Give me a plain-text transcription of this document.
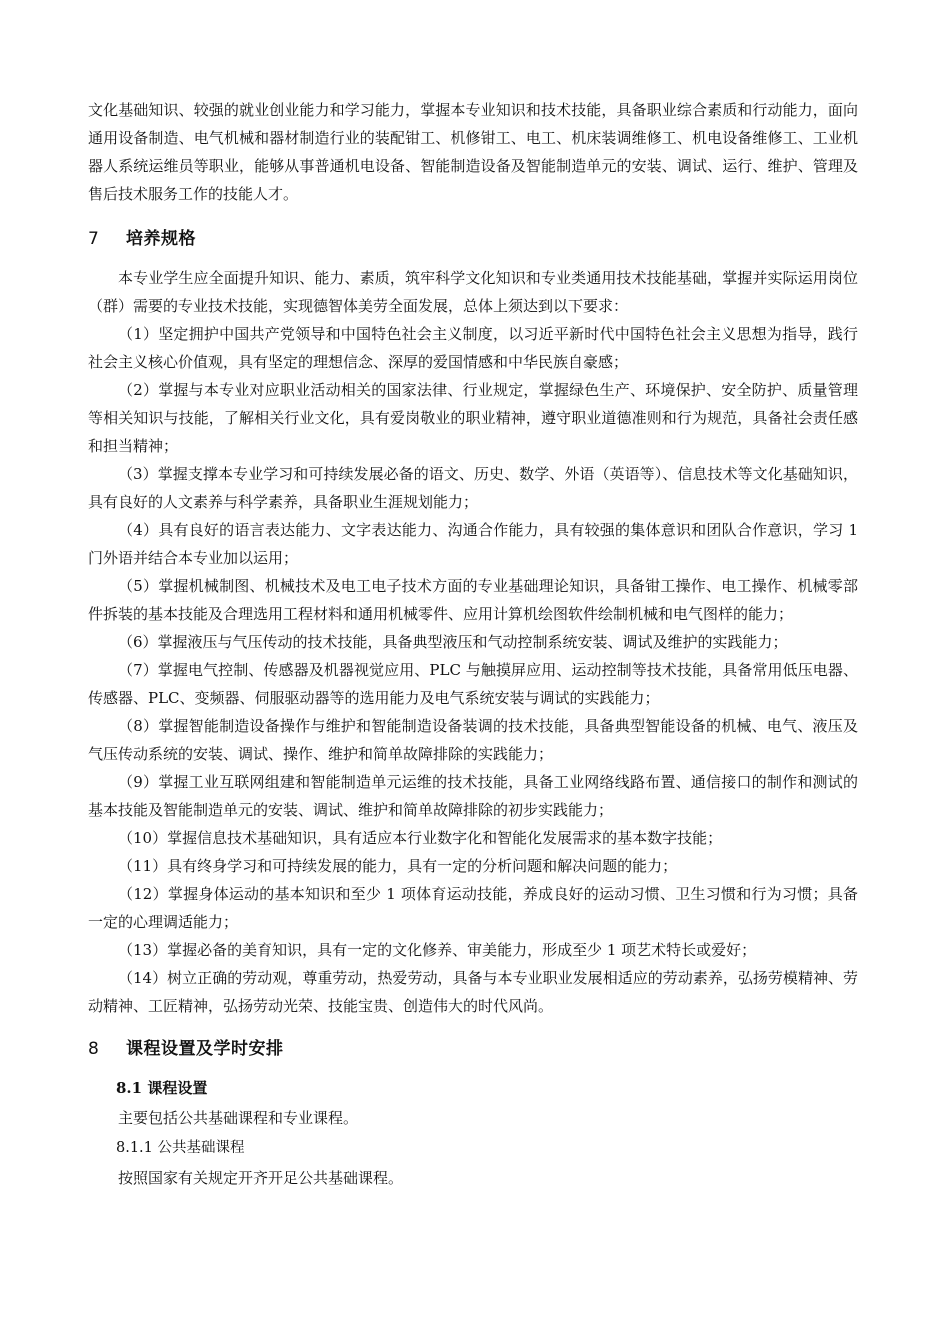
文化基础知识、较强的就业创业能力和学习能力，掌握本专业知识和技术技能，具备职业综合素质和行动能力，面向通用设备制造、电气机械和器材制造行业的装配钳工、机修钳工、电工、机床装调维修工、机电设备维修工、工业机器人系统运维员等职业，能够从事普通机电设备、智能制造设备及智能制造单元的安装、调试、运行、维护、管理及售后技术服务工作的技能人才。

7 培养规格

本专业学生应全面提升知识、能力、素质，筑牢科学文化知识和专业类通用技术技能基础，掌握并实际运用岗位（群）需要的专业技术技能，实现德智体美劳全面发展，总体上须达到以下要求：

（1）坚定拥护中国共产党领导和中国特色社会主义制度，以习近平新时代中国特色社会主义思想为指导，践行社会主义核心价值观，具有坚定的理想信念、深厚的爱国情感和中华民族自豪感；

（2）掌握与本专业对应职业活动相关的国家法律、行业规定，掌握绿色生产、环境保护、安全防护、质量管理等相关知识与技能，了解相关行业文化，具有爱岗敬业的职业精神，遵守职业道德准则和行为规范，具备社会责任感和担当精神；

（3）掌握支撑本专业学习和可持续发展必备的语文、历史、数学、外语（英语等）、信息技术等文化基础知识，具有良好的人文素养与科学素养，具备职业生涯规划能力；

（4）具有良好的语言表达能力、文字表达能力、沟通合作能力，具有较强的集体意识和团队合作意识，学习 1 门外语并结合本专业加以运用；

（5）掌握机械制图、机械技术及电工电子技术方面的专业基础理论知识，具备钳工操作、电工操作、机械零部件拆装的基本技能及合理选用工程材料和通用机械零件、应用计算机绘图软件绘制机械和电气图样的能力；

（6）掌握液压与气压传动的技术技能，具备典型液压和气动控制系统安装、调试及维护的实践能力；

（7）掌握电气控制、传感器及机器视觉应用、PLC 与触摸屏应用、运动控制等技术技能，具备常用低压电器、传感器、PLC、变频器、伺服驱动器等的选用能力及电气系统安装与调试的实践能力；

（8）掌握智能制造设备操作与维护和智能制造设备装调的技术技能，具备典型智能设备的机械、电气、液压及气压传动系统的安装、调试、操作、维护和简单故障排除的实践能力；

（9）掌握工业互联网组建和智能制造单元运维的技术技能，具备工业网络线路布置、通信接口的制作和测试的基本技能及智能制造单元的安装、调试、维护和简单故障排除的初步实践能力；

（10）掌握信息技术基础知识，具有适应本行业数字化和智能化发展需求的基本数字技能；

（11）具有终身学习和可持续发展的能力，具有一定的分析问题和解决问题的能力；

（12）掌握身体运动的基本知识和至少 1 项体育运动技能，养成良好的运动习惯、卫生习惯和行为习惯；具备一定的心理调适能力；

（13）掌握必备的美育知识，具有一定的文化修养、审美能力，形成至少 1 项艺术特长或爱好；

（14）树立正确的劳动观，尊重劳动，热爱劳动，具备与本专业职业发展相适应的劳动素养，弘扬劳模精神、劳动精神、工匠精神，弘扬劳动光荣、技能宝贵、创造伟大的时代风尚。

8 课程设置及学时安排
8.1 课程设置

主要包括公共基础课程和专业课程。

8.1.1 公共基础课程

按照国家有关规定开齐开足公共基础课程。
